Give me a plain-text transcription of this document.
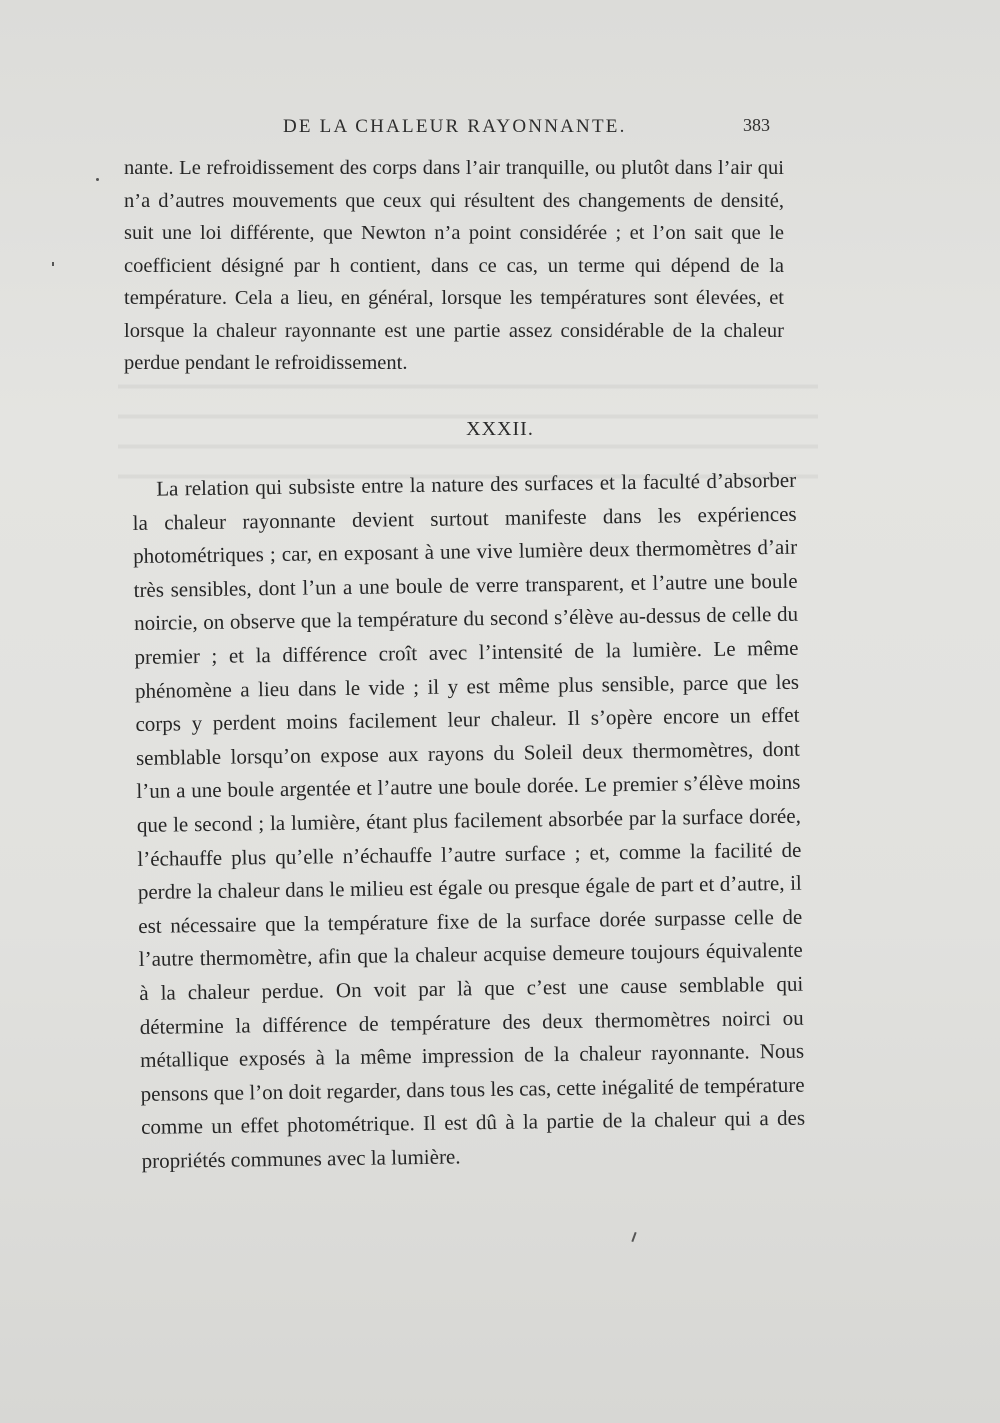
DE LA CHALEUR RAYONNANTE.	383

nante. Le refroidissement des corps dans l’air tranquille, ou plutôt dans l’air qui n’a d’autres mouvements que ceux qui résultent des changements de densité, suit une loi différente, que Newton n’a point considérée ; et l’on sait que le coefficient désigné par h contient, dans ce cas, un terme qui dépend de la température. Cela a lieu, en général, lorsque les températures sont élevées, et lorsque la chaleur rayonnante est une partie assez considérable de la chaleur perdue pendant le refroidissement.

XXXII.

La relation qui subsiste entre la nature des surfaces et la faculté d’absorber la chaleur rayonnante devient surtout manifeste dans les expériences photométriques ; car, en exposant à une vive lumière deux thermomètres d’air très sensibles, dont l’un a une boule de verre transparent, et l’autre une boule noircie, on observe que la température du second s’élève au-dessus de celle du premier ; et la différence croît avec l’intensité de la lumière. Le même phénomène a lieu dans le vide ; il y est même plus sensible, parce que les corps y perdent moins facilement leur chaleur. Il s’opère encore un effet semblable lorsqu’on expose aux rayons du Soleil deux thermomètres, dont l’un a une boule argentée et l’autre une boule dorée. Le premier s’élève moins que le second ; la lumière, étant plus facilement absorbée par la surface dorée, l’échauffe plus qu’elle n’échauffe l’autre surface ; et, comme la facilité de perdre la chaleur dans le milieu est égale ou presque égale de part et d’autre, il est nécessaire que la température fixe de la surface dorée surpasse celle de l’autre thermomètre, afin que la chaleur acquise demeure toujours équivalente à la chaleur perdue. On voit par là que c’est une cause semblable qui détermine la différence de température des deux thermomètres noirci ou métallique exposés à la même impression de la chaleur rayonnante. Nous pensons que l’on doit regarder, dans tous les cas, cette inégalité de température comme un effet photométrique. Il est dû à la partie de la chaleur qui a des propriétés communes avec la lumière.
